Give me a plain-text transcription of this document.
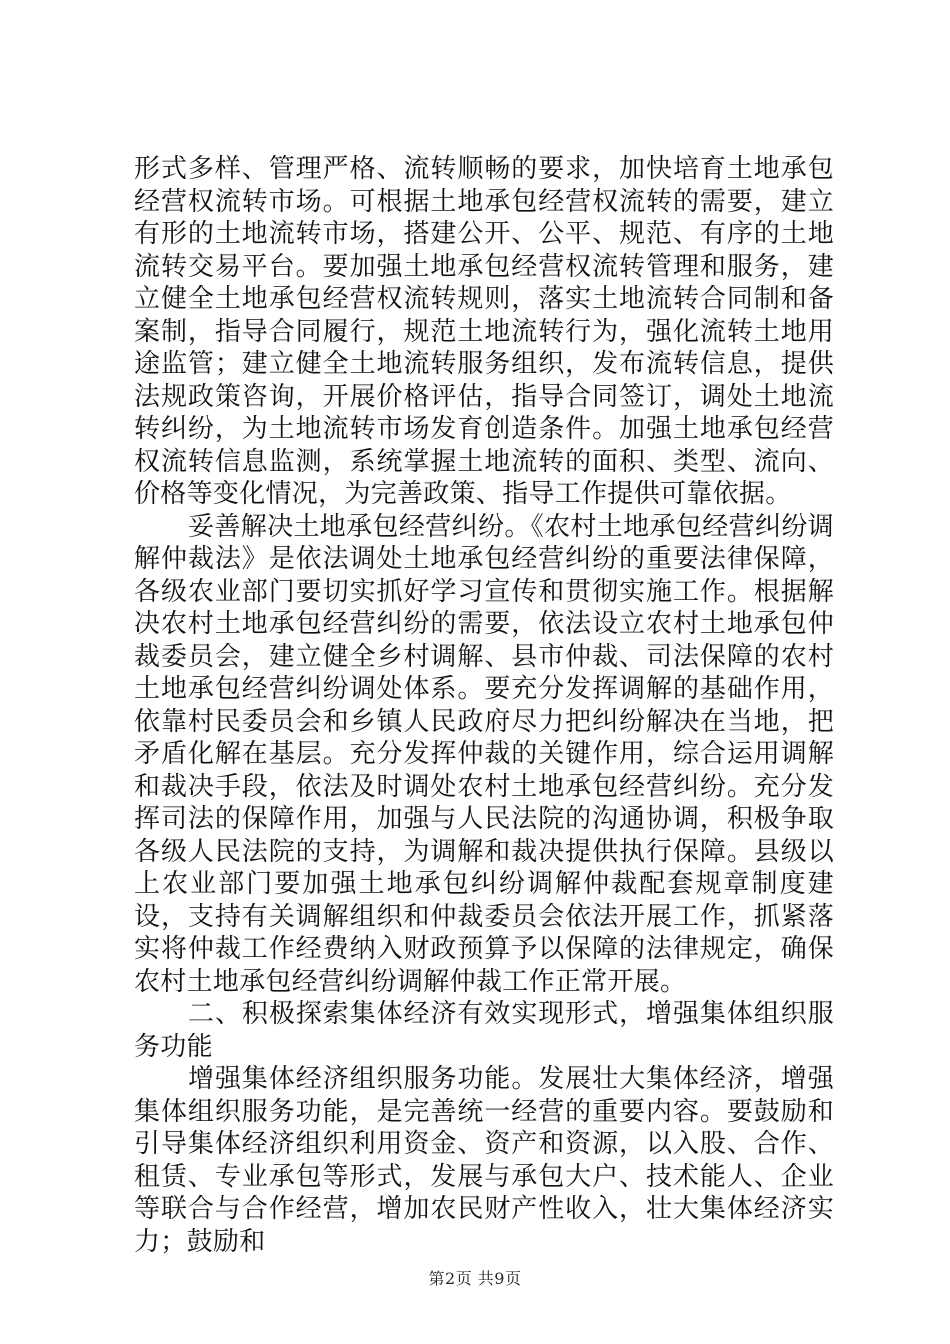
形式多样、管理严格、流转顺畅的要求，加快培育土地承包经营权流转市场。可根据土地承包经营权流转的需要，建立有形的土地流转市场，搭建公开、公平、规范、有序的土地流转交易平台。要加强土地承包经营权流转管理和服务，建立健全土地承包经营权流转规则，落实土地流转合同制和备案制，指导合同履行，规范土地流转行为，强化流转土地用途监管；建立健全土地流转服务组织，发布流转信息，提供法规政策咨询，开展价格评估，指导合同签订，调处土地流转纠纷，为土地流转市场发育创造条件。加强土地承包经营权流转信息监测，系统掌握土地流转的面积、类型、流向、价格等变化情况，为完善政策、指导工作提供可靠依据。

妥善解决土地承包经营纠纷。《农村土地承包经营纠纷调解仲裁法》是依法调处土地承包经营纠纷的重要法律保障，各级农业部门要切实抓好学习宣传和贯彻实施工作。根据解决农村土地承包经营纠纷的需要，依法设立农村土地承包仲裁委员会，建立健全乡村调解、县市仲裁、司法保障的农村土地承包经营纠纷调处体系。要充分发挥调解的基础作用，依靠村民委员会和乡镇人民政府尽力把纠纷解决在当地，把矛盾化解在基层。充分发挥仲裁的关键作用，综合运用调解和裁决手段，依法及时调处农村土地承包经营纠纷。充分发挥司法的保障作用，加强与人民法院的沟通协调，积极争取各级人民法院的支持，为调解和裁决提供执行保障。县级以上农业部门要加强土地承包纠纷调解仲裁配套规章制度建设，支持有关调解组织和仲裁委员会依法开展工作，抓紧落实将仲裁工作经费纳入财政预算予以保障的法律规定，确保农村土地承包经营纠纷调解仲裁工作正常开展。

二、积极探索集体经济有效实现形式，增强集体组织服务功能

增强集体经济组织服务功能。发展壮大集体经济，增强集体组织服务功能，是完善统一经营的重要内容。要鼓励和引导集体经济组织利用资金、资产和资源，以入股、合作、租赁、专业承包等形式，发展与承包大户、技术能人、企业等联合与合作经营，增加农民财产性收入，壮大集体经济实力；鼓励和

第2页 共9页
